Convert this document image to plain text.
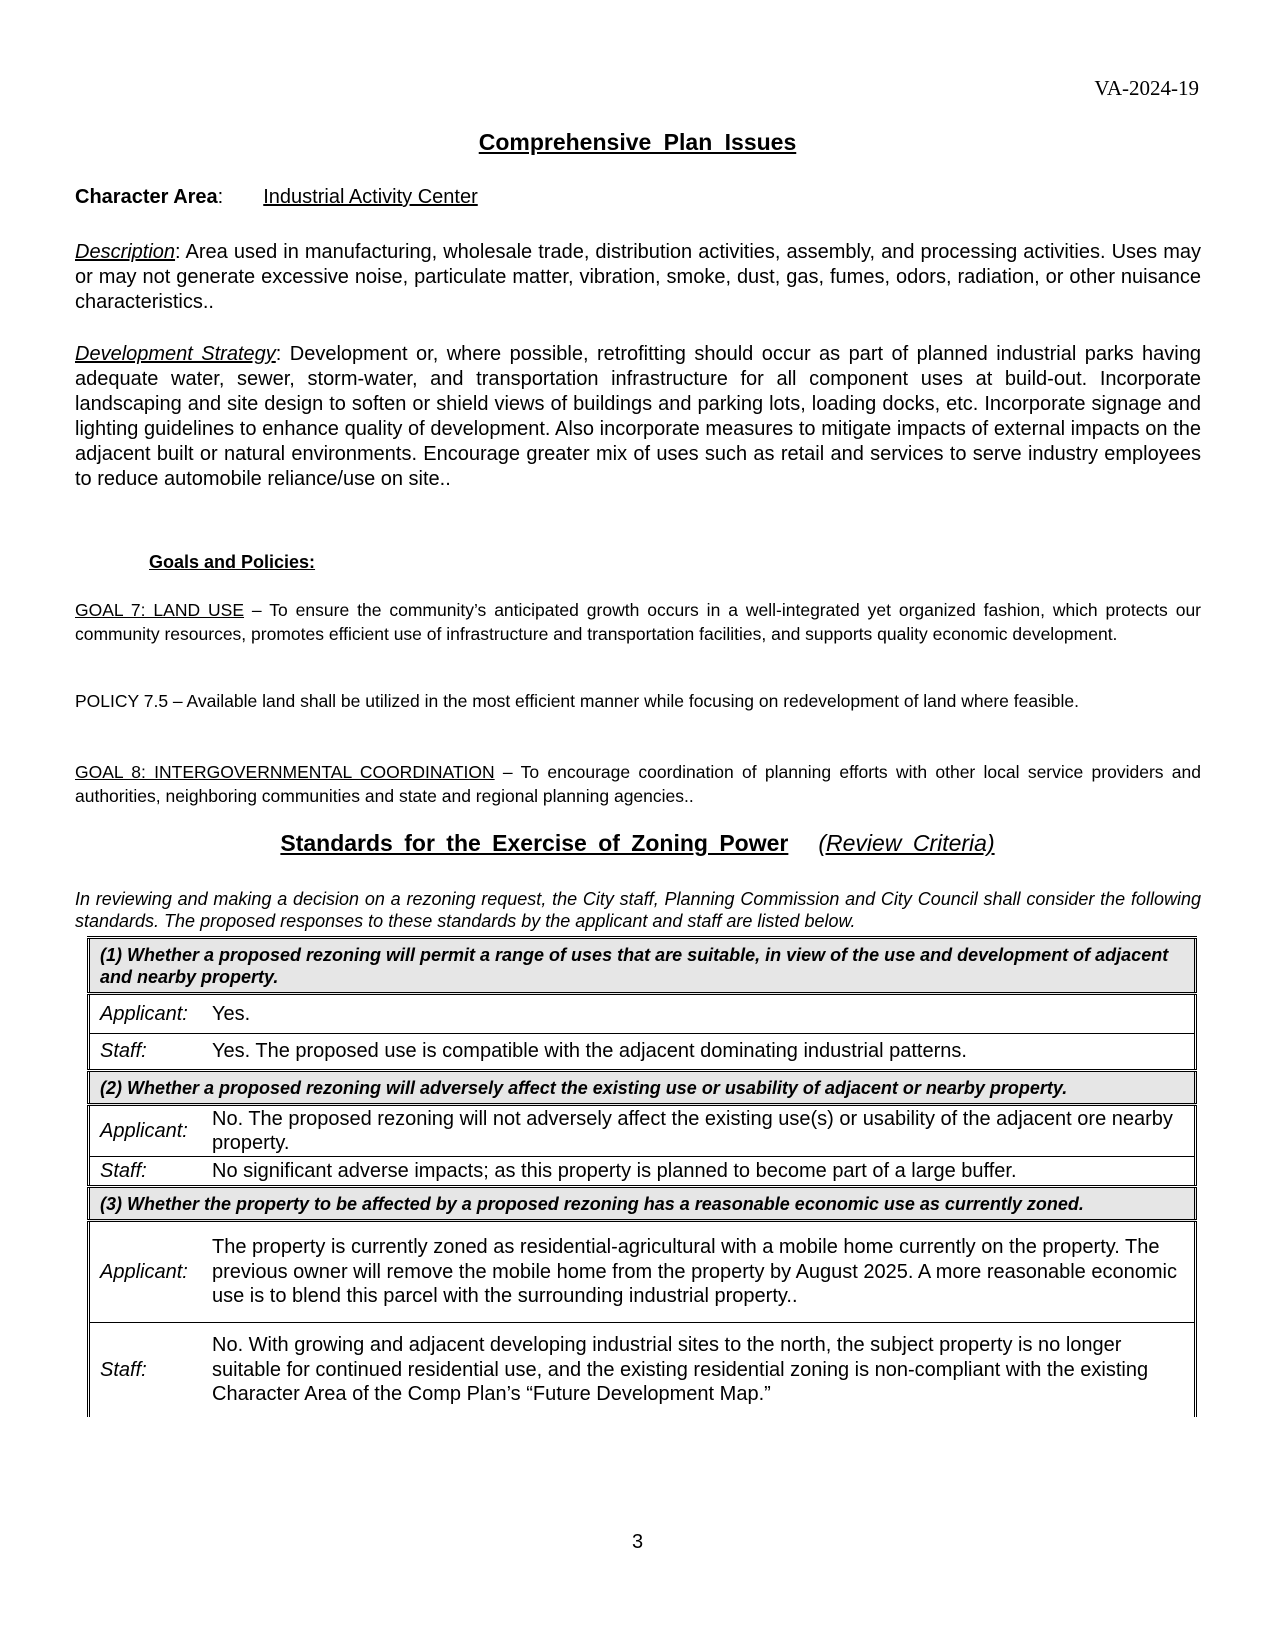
VA-2024-19
Comprehensive Plan Issues
Character Area: Industrial Activity Center
Description: Area used in manufacturing, wholesale trade, distribution activities, assembly, and processing activities. Uses may or may not generate excessive noise, particulate matter, vibration, smoke, dust, gas, fumes, odors, radiation, or other nuisance characteristics..
Development Strategy: Development or, where possible, retrofitting should occur as part of planned industrial parks having adequate water, sewer, storm-water, and transportation infrastructure for all component uses at build-out. Incorporate landscaping and site design to soften or shield views of buildings and parking lots, loading docks, etc. Incorporate signage and lighting guidelines to enhance quality of development. Also incorporate measures to mitigate impacts of external impacts on the adjacent built or natural environments. Encourage greater mix of uses such as retail and services to serve industry employees to reduce automobile reliance/use on site..
Goals and Policies:
GOAL 7: LAND USE – To ensure the community’s anticipated growth occurs in a well-integrated yet organized fashion, which protects our community resources, promotes efficient use of infrastructure and transportation facilities, and supports quality economic development.
POLICY 7.5 – Available land shall be utilized in the most efficient manner while focusing on redevelopment of land where feasible.
GOAL 8: INTERGOVERNMENTAL COORDINATION – To encourage coordination of planning efforts with other local service providers and authorities, neighboring communities and state and regional planning agencies..
Standards for the Exercise of Zoning Power (Review Criteria)
In reviewing and making a decision on a rezoning request, the City staff, Planning Commission and City Council shall consider the following standards. The proposed responses to these standards by the applicant and staff are listed below.
(1) Whether a proposed rezoning will permit a range of uses that are suitable, in view of the use and development of adjacent and nearby property.	
Applicant:	Yes.
Staff:	Yes. The proposed use is compatible with the adjacent dominating industrial patterns.
(2) Whether a proposed rezoning will adversely affect the existing use or usability of adjacent or nearby property.	
Applicant:	No. The proposed rezoning will not adversely affect the existing use(s) or usability of the adjacent ore nearby property.
Staff:	No significant adverse impacts; as this property is planned to become part of a large buffer.
(3) Whether the property to be affected by a proposed rezoning has a reasonable economic use as currently zoned.	
Applicant:	The property is currently zoned as residential-agricultural with a mobile home currently on the property. The previous owner will remove the mobile home from the property by August 2025. A more reasonable economic use is to blend this parcel with the surrounding industrial property..
Staff:	No. With growing and adjacent developing industrial sites to the north, the subject property is no longer suitable for continued residential use, and the existing residential zoning is non-compliant with the existing Character Area of the Comp Plan’s “Future Development Map.”
3
